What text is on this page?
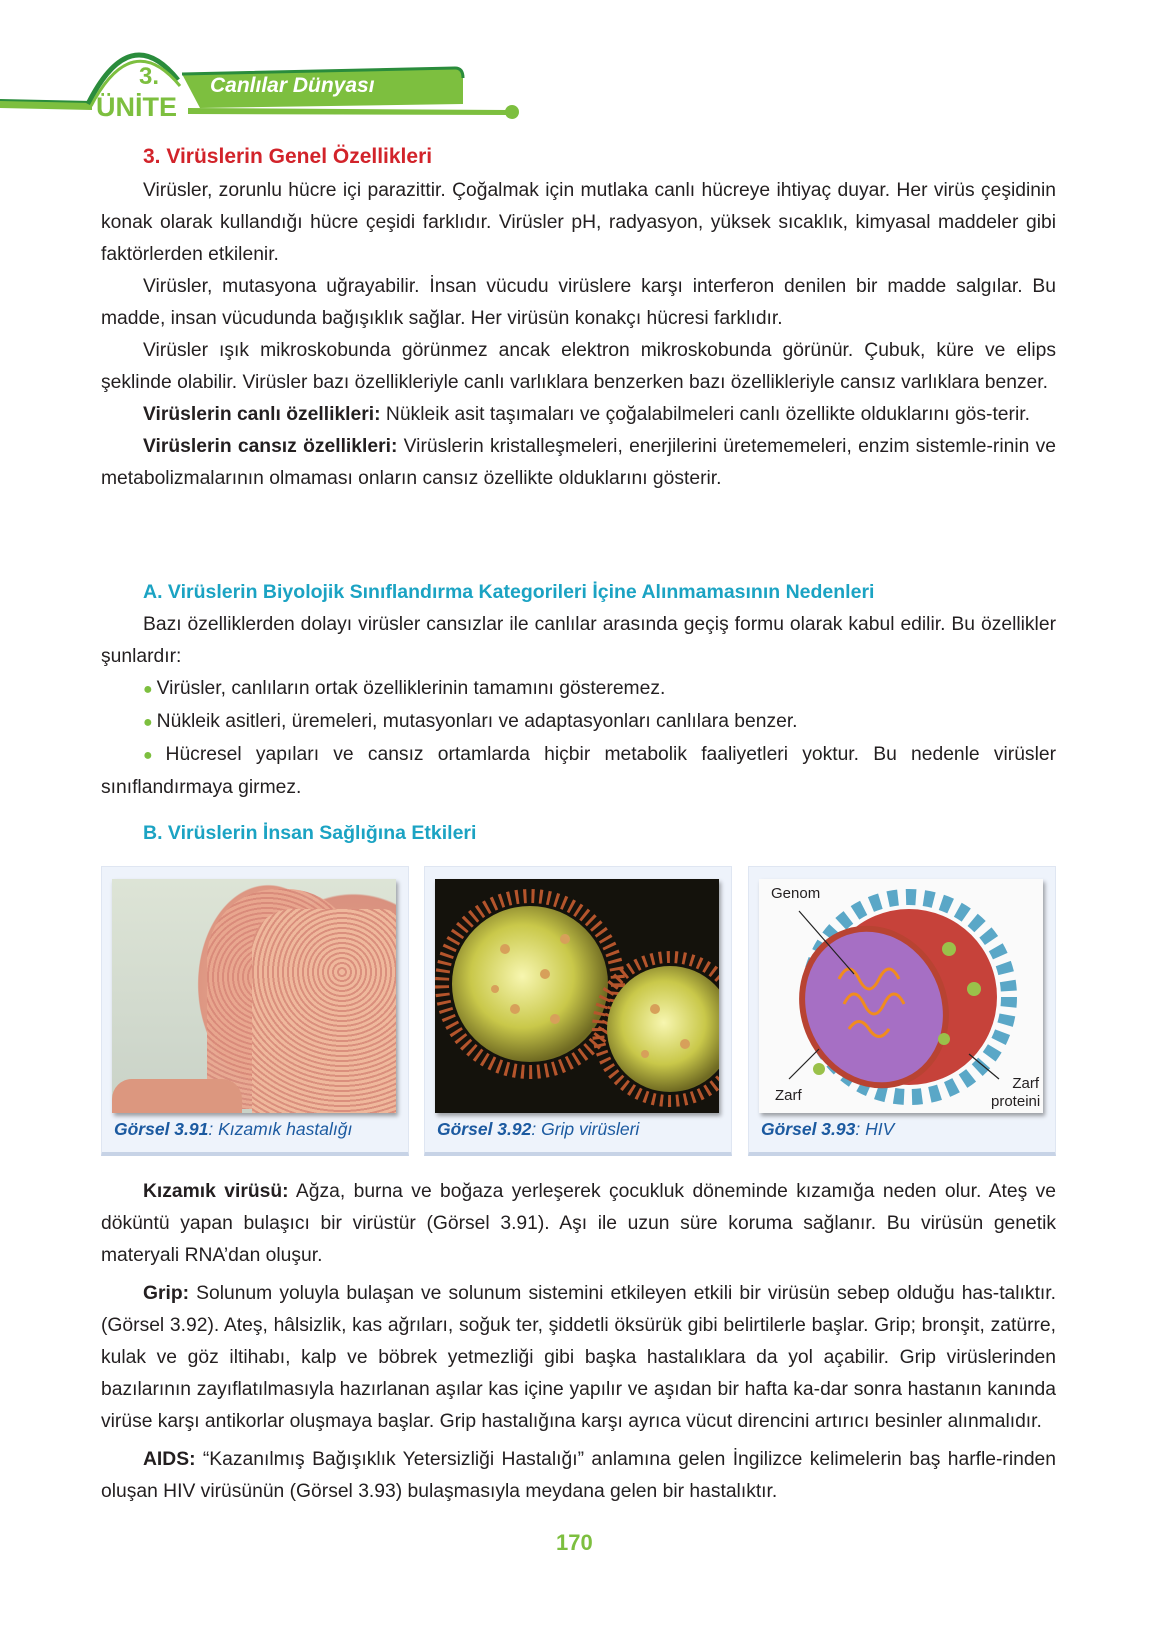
3.
ÜNİTE
Canlılar Dünyası
3. Virüslerin Genel Özellikleri

Virüsler, zorunlu hücre içi parazittir. Çoğalmak için mutlaka canlı hücreye ihtiyaç duyar. Her virüs çeşidinin konak olarak kullandığı hücre çeşidi farklıdır. Virüsler pH, radyasyon, yüksek sıcaklık, kimyasal maddeler gibi faktörlerden etkilenir.

Virüsler, mutasyona uğrayabilir. İnsan vücudu virüslere karşı interferon denilen bir madde salgılar. Bu madde, insan vücudunda bağışıklık sağlar. Her virüsün konakçı hücresi farklıdır.

Virüsler ışık mikroskobunda görünmez ancak elektron mikroskobunda görünür. Çubuk, küre ve elips şeklinde olabilir. Virüsler bazı özellikleriyle canlı varlıklara benzerken bazı özellikleriyle cansız varlıklara benzer.

Virüslerin canlı özellikleri: Nükleik asit taşımaları ve çoğalabilmeleri canlı özellikte olduklarını gös-terir.

Virüslerin cansız özellikleri: Virüslerin kristalleşmeleri, enerjilerini üretememeleri, enzim sistemle-rinin ve metabolizmalarının olmaması onların cansız özellikte olduklarını gösterir.

A. Virüslerin Biyolojik Sınıflandırma Kategorileri İçine Alınmamasının Nedenleri

Bazı özelliklerden dolayı virüsler cansızlar ile canlılar arasında geçiş formu olarak kabul edilir. Bu özellikler şunlardır:

● Virüsler, canlıların ortak özelliklerinin tamamını gösteremez.

● Nükleik asitleri, üremeleri, mutasyonları ve adaptasyonları canlılara benzer.

● Hücresel yapıları ve cansız ortamlarda hiçbir metabolik faaliyetleri yoktur. Bu nedenle virüsler sınıflandırmaya girmez.

B. Virüslerin İnsan Sağlığına Etkileri
Görsel 3.91: Kızamık hastalığı	Görsel 3.92: Grip virüsleri
Genom
Zarf
Zarf
proteini
Görsel 3.93: HIV

Kızamık virüsü: Ağza, burna ve boğaza yerleşerek çocukluk döneminde kızamığa neden olur. Ateş ve döküntü yapan bulaşıcı bir virüstür (Görsel 3.91). Aşı ile uzun süre koruma sağlanır. Bu virüsün genetik materyali RNA’dan oluşur.

Grip: Solunum yoluyla bulaşan ve solunum sistemini etkileyen etkili bir virüsün sebep olduğu has-talıktır. (Görsel 3.92). Ateş, hâlsizlik, kas ağrıları, soğuk ter, şiddetli öksürük gibi belirtilerle başlar. Grip; bronşit, zatürre, kulak ve göz iltihabı, kalp ve böbrek yetmezliği gibi başka hastalıklara da yol açabilir. Grip virüslerinden bazılarının zayıflatılmasıyla hazırlanan aşılar kas içine yapılır ve aşıdan bir hafta ka-dar sonra hastanın kanında virüse karşı antikorlar oluşmaya başlar. Grip hastalığına karşı ayrıca vücut direncini artırıcı besinler alınmalıdır.

AIDS: “Kazanılmış Bağışıklık Yetersizliği Hastalığı” anlamına gelen İngilizce kelimelerin baş harfle-rinden oluşan HIV virüsünün (Görsel 3.93) bulaşmasıyla meydana gelen bir hastalıktır.

170
